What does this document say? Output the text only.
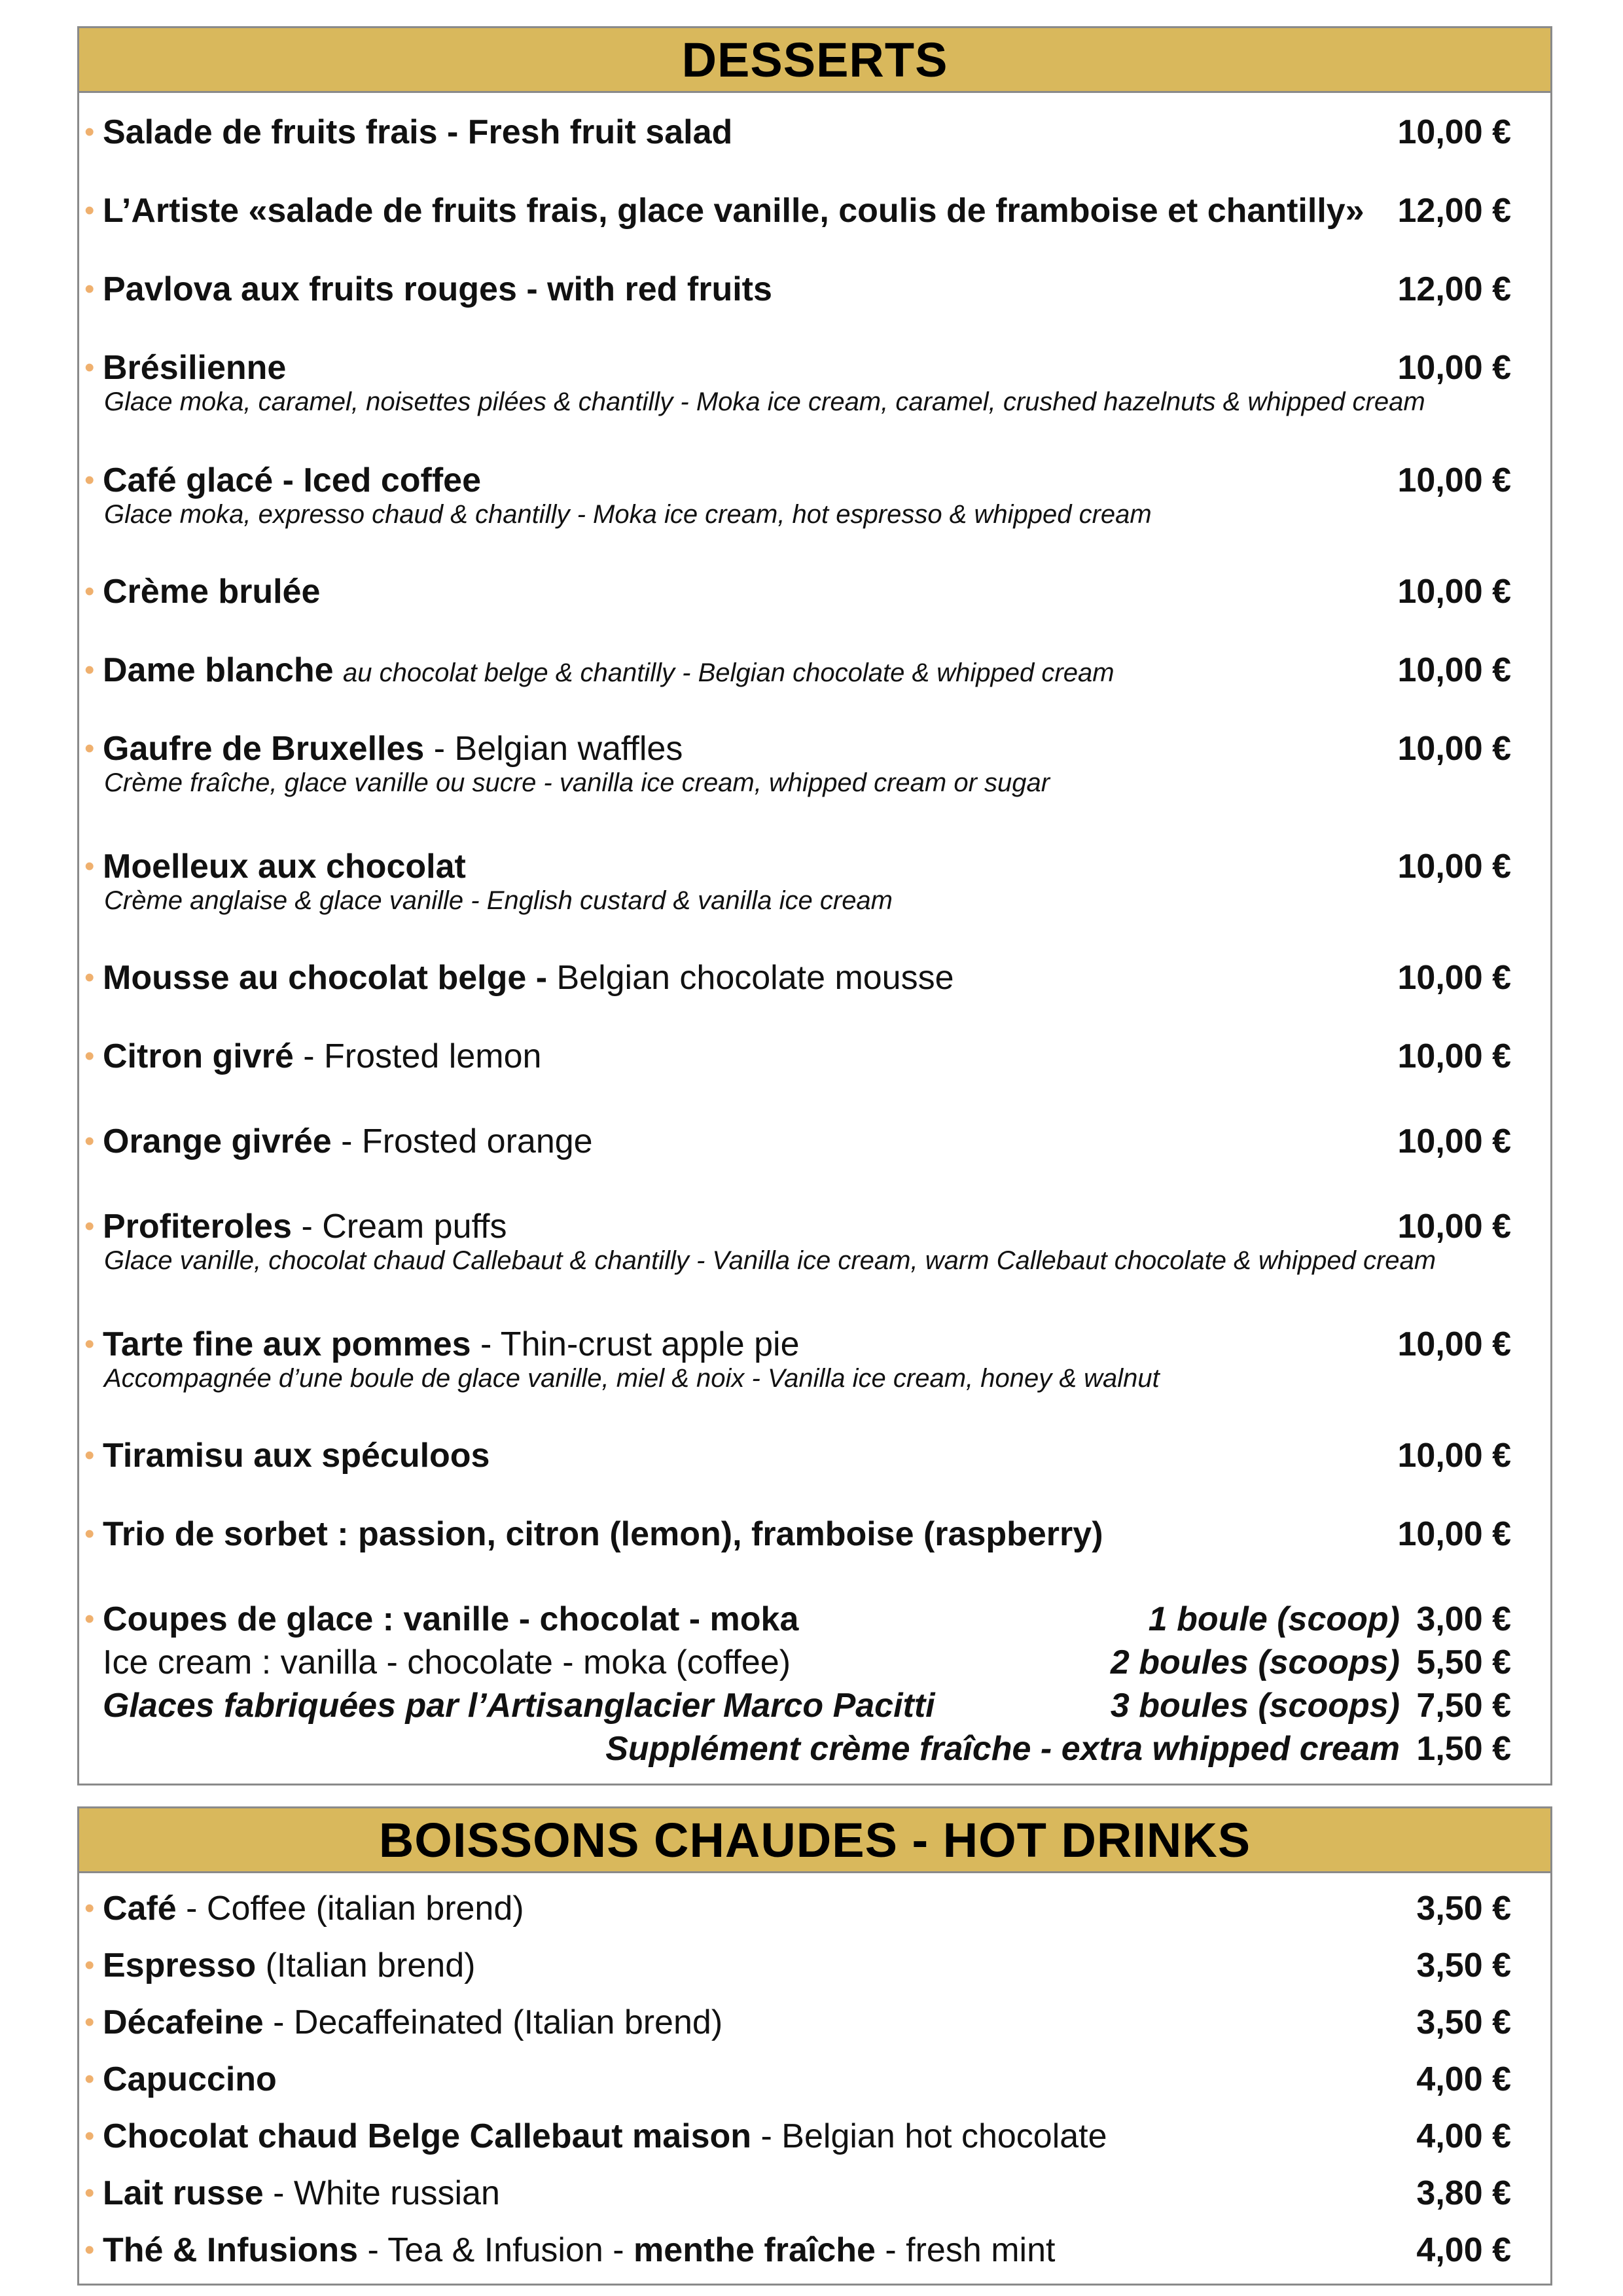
DESSERTS
• Salade de fruits frais - Fresh fruit salad	10,00 €
• L’Artiste «salade de fruits frais, glace vanille, coulis de framboise et chantilly» 12,00 €
• Pavlova aux fruits rouges - with red fruits	12,00 €
• Brésilienne	10,00 €
Glace moka, caramel, noisettes pilées & chantilly - Moka ice cream, caramel, crushed hazelnuts & whipped cream
• Café glacé - Iced coffee	10,00 €
Glace moka, expresso chaud & chantilly - Moka ice cream, hot espresso & whipped cream
• Crème brulée	10,00 €
• Dame blanche au chocolat belge & chantilly - Belgian chocolate & whipped cream	10,00 €
• Gaufre de Bruxelles - Belgian waffles	10,00 €
Crème fraîche, glace vanille ou sucre - vanilla ice cream, whipped cream or sugar
• Moelleux aux chocolat	10,00 €
Crème anglaise & glace vanille - English custard & vanilla ice cream
• Mousse au chocolat belge - Belgian chocolate mousse	10,00 €
• Citron givré - Frosted lemon	10,00 €
• Orange givrée - Frosted orange	10,00 €
• Profiteroles - Cream puffs	10,00 €
Glace vanille, chocolat chaud Callebaut & chantilly - Vanilla ice cream, warm Callebaut chocolate & whipped cream
• Tarte fine aux pommes - Thin-crust apple pie	10,00 €
Accompagnée d’une boule de glace vanille, miel & noix - Vanilla ice cream, honey & walnut
• Tiramisu aux spéculoos	10,00 €
• Trio de sorbet : passion, citron (lemon), framboise (raspberry)	10,00 €
• Coupes de glace : vanille - chocolat - moka	1 boule (scoop) 3,00 €
Ice cream : vanilla - chocolate - moka (coffee)	2 boules (scoops) 5,50 €
Glaces fabriquées par l’Artisanglacier Marco Pacitti	3 boules (scoops) 7,50 €
Supplément crème fraîche - extra whipped cream 1,50 €
BOISSONS CHAUDES - HOT DRINKS
• Café - Coffee (italian brend)	3,50 €
• Espresso (Italian brend)	3,50 €
• Décafeine - Decaffeinated (Italian brend)	3,50 €
• Capuccino	4,00 €
• Chocolat chaud Belge Callebaut maison - Belgian hot chocolate	4,00 €
• Lait russe - White russian	3,80 €
• Thé & Infusions - Tea & Infusion - menthe fraîche - fresh mint	4,00 €
